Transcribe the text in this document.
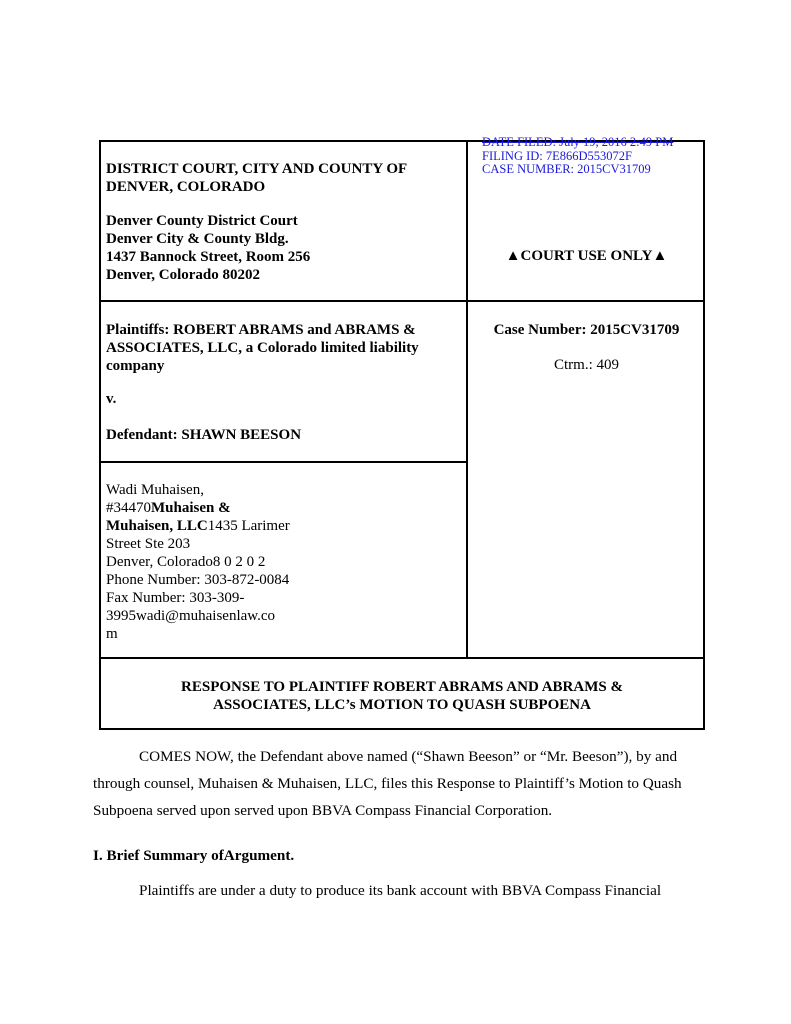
DATE FILED: July 19, 2016 2:49 PM
FILING ID: 7E866D553072F
CASE NUMBER: 2015CV31709
DISTRICT COURT, CITY AND COUNTY OF
DENVER, COLORADO
Denver County District Court
Denver City & County Bldg.
1437 Bannock Street, Room 256
Denver, Colorado 80202
▲COURT USE ONLY▲
Plaintiffs: ROBERT ABRAMS and ABRAMS &
ASSOCIATES, LLC, a Colorado limited liability
company
v.
Defendant: SHAWN BEESON
Case Number: 2015CV31709
Ctrm.: 409
Wadi Muhaisen,
#34470Muhaisen &
Muhaisen, LLC1435 Larimer
Street Ste 203
Denver, Colorado8 0 2 0 2
Phone Number: 303-872-0084
Fax Number: 303-309-
3995wadi@muhaisenlaw.co
m
RESPONSE TO PLAINTIFF ROBERT ABRAMS AND ABRAMS &
ASSOCIATES, LLC’s MOTION TO QUASH SUBPOENA
COMES NOW, the Defendant above named (“Shawn Beeson” or “Mr. Beeson”), by and
through counsel, Muhaisen & Muhaisen, LLC, files this Response to Plaintiff’s Motion to Quash
Subpoena served upon served upon BBVA Compass Financial Corporation.
I. Brief Summary ofArgument.
Plaintiffs are under a duty to produce its bank account with BBVA Compass Financial
